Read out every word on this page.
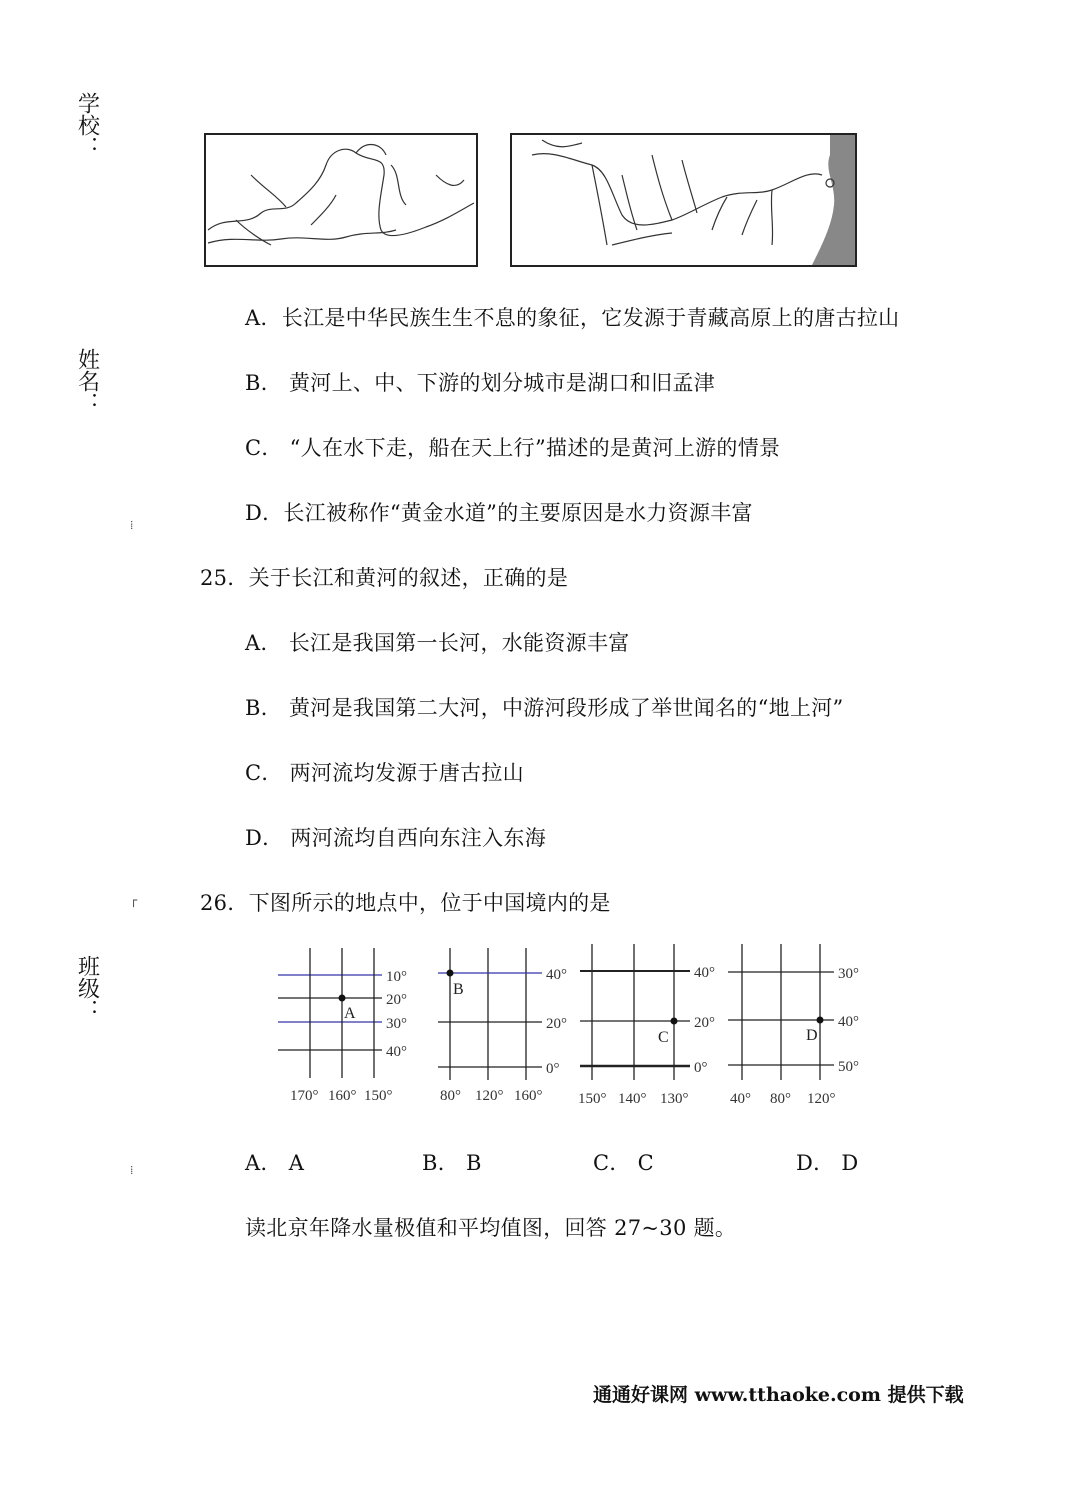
学校：
姓名：
班级：
⁞
┌
⁞
A．长江是中华民族生生不息的象征，它发源于青藏高原上的唐古拉山
B． 黄河上、中、下游的划分城市是湖口和旧孟津
C． “人在水下走，船在天上行”描述的是黄河上游的情景
D．长江被称作“黄金水道”的主要原因是水力资源丰富
25．关于长江和黄河的叙述，正确的是
A． 长江是我国第一长河，水能资源丰富
B． 黄河是我国第二大河，中游河段形成了举世闻名的“地上河”
C． 两河流均发源于唐古拉山
D． 两河流均自西向东注入东海
26．下图所示的地点中，位于中国境内的是
A
B
C	D
10°
20°
30°
40°
170° 160° 150°
40°
20°
0°
80° 120° 160°
40°
20°
0°
150° 140° 130°
30°
40°
50°
40° 80° 120°
A． A	B． B	C． C	D． D
读北京年降水量极值和平均值图，回答 27~30 题。
通通好课网 www.tthaoke.com 提供下载
